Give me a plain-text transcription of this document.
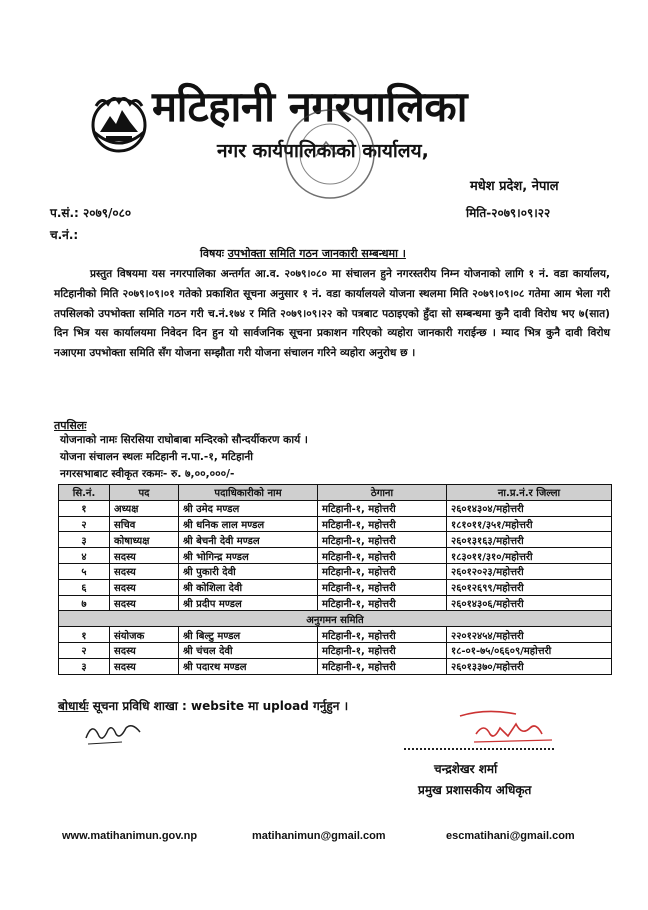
मटिहानी नगरपालिका
नगर कार्यपालिकाको कार्यालय,
मधेश प्रदेश, नेपाल
प.सं.: २०७९/०८०	मिति-२०७९।०९।२२
च.नं.:
विषयः उपभोक्ता समिति गठन जानकारी सम्बन्धमा ।
प्रस्तुत विषयमा यस नगरपालिका अन्तर्गत आ.व. २०७९।०८० मा संचालन हुने नगरस्तरीय निम्न योजनाको लागि १ नं. वडा कार्यालय, मटिहानीको मिति २०७९।०९।०१ गतेको प्रकाशित सूचना अनुसार १ नं. वडा कार्यालयले योजना स्थलमा मिति २०७९।०९।०८ गतेमा आम भेला गरी तपसिलको उपभोक्ता समिति गठन गरी च.नं.१७४ र मिति २०७९।०९।२२ को पत्रबाट पठाइएको हुँदा सो सम्बन्धमा कुनै दावी विरोध भए ७(सात) दिन भित्र यस कार्यालयमा निवेदन दिन हुन यो सार्वजनिक सूचना प्रकाशन गरिएको व्यहोरा जानकारी गराईन्छ । म्याद भित्र कुनै दावी विरोध नआएमा उपभोक्ता समिति सँग योजना सम्झौता गरी योजना संचालन गरिने व्यहोरा अनुरोध छ ।
तपसिलः
योजनाको नामः सिरसिया राघोबाबा मन्दिरको सौन्दर्यीकरण कार्य ।
योजना संचालन स्थलः मटिहानी न.पा.-१, मटिहानी
नगरसभाबाट स्वीकृत रकमः- रु. ७,००,०००/-
सि.नं.	पद	पदाधिकारीको नाम	ठेगाना	ना.प्र.नं.र जिल्ला
१	अध्यक्ष	श्री उमेद मण्डल	मटिहानी-१, महोत्तरी	२६०१४३०४/महोत्तरी
२	सचिव	श्री धनिक लाल मण्डल	मटिहानी-१, महोत्तरी	१८१०११/३५१/महोत्तरी
३	कोषाध्यक्ष	श्री बेचनी देवी मण्डल	मटिहानी-१, महोत्तरी	२६०१३१६३/महोत्तरी
४	सदस्य	श्री भोगिन्द्र मण्डल	मटिहानी-१, महोत्तरी	१८३०११/३१०/महोत्तरी
५	सदस्य	श्री पुकारी देवी	मटिहानी-१, महोत्तरी	२६०१२०२३/महोत्तरी
६	सदस्य	श्री कोशिला देवी	मटिहानी-१, महोत्तरी	२६०१२६९९/महोत्तरी
७	सदस्य	श्री प्रदीप मण्डल	मटिहानी-१, महोत्तरी	२६०१४३०६/महोत्तरी
अनुगमन समिति				
१	संयोजक	श्री बिल्टु मण्डल	मटिहानी-१, महोत्तरी	२२०१२४५४/महोत्तरी
२	सदस्य	श्री चंचल देवी	मटिहानी-१, महोत्तरी	१८-०१-७५/०६६०९/महोत्तरी
३	सदस्य	श्री पदारथ मण्डल	मटिहानी-१, महोत्तरी	२६०१३३७०/महोत्तरी
बोधार्थः सूचना प्रविधि शाखा : website मा upload गर्नुहुन ।
चन्द्रशेखर शर्मा
प्रमुख प्रशासकीय अधिकृत
www.matihanimun.gov.np	matihanimun@gmail.com	escmatihani@gmail.com
